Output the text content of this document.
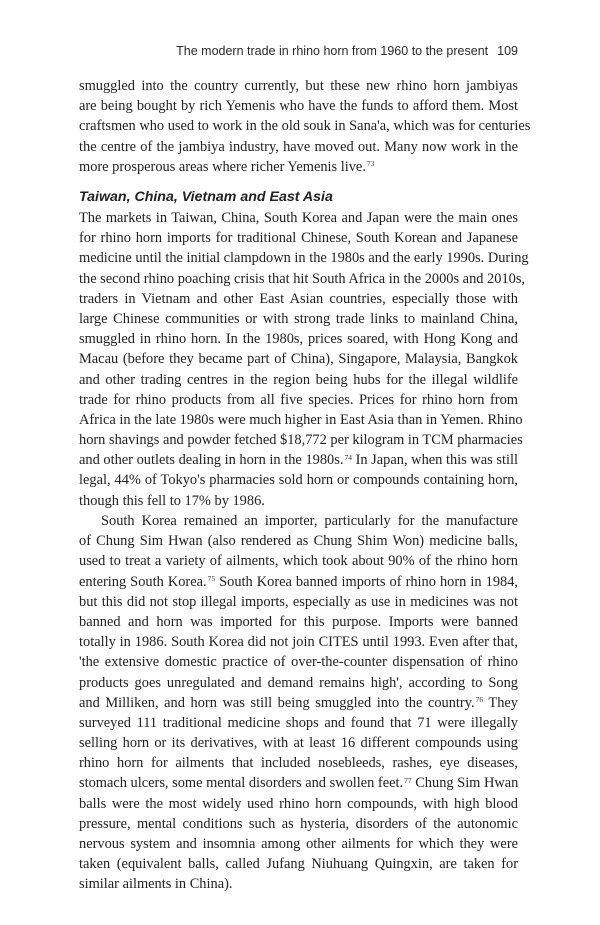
The modern trade in rhino horn from 1960 to the present 109
smuggled into the country currently, but these new rhino horn jambiyas
are being bought by rich Yemenis who have the funds to afford them. Most
craftsmen who used to work in the old souk in Sana'a, which was for centuries
the centre of the jambiya industry, have moved out. Many now work in the
more prosperous areas where richer Yemenis live.$^{73}$
Taiwan, China, Vietnam and East Asia
The markets in Taiwan, China, South Korea and Japan were the main ones
for rhino horn imports for traditional Chinese, South Korean and Japanese
medicine until the initial clampdown in the 1980s and the early 1990s. During
the second rhino poaching crisis that hit South Africa in the 2000s and 2010s,
traders in Vietnam and other East Asian countries, especially those with
large Chinese communities or with strong trade links to mainland China,
smuggled in rhino horn. In the 1980s, prices soared, with Hong Kong and
Macau (before they became part of China), Singapore, Malaysia, Bangkok
and other trading centres in the region being hubs for the illegal wildlife
trade for rhino products from all five species. Prices for rhino horn from
Africa in the late 1980s were much higher in East Asia than in Yemen. Rhino
horn shavings and powder fetched $18,772 per kilogram in TCM pharmacies
and other outlets dealing in horn in the 1980s.$^{74}$ In Japan, when this was still
legal, 44% of Tokyo's pharmacies sold horn or compounds containing horn,
though this fell to 17% by 1986.
South Korea remained an importer, particularly for the manufacture
of Chung Sim Hwan (also rendered as Chung Shim Won) medicine balls,
used to treat a variety of ailments, which took about 90% of the rhino horn
entering South Korea.$^{75}$ South Korea banned imports of rhino horn in 1984,
but this did not stop illegal imports, especially as use in medicines was not
banned and horn was imported for this purpose. Imports were banned
totally in 1986. South Korea did not join CITES until 1993. Even after that,
'the extensive domestic practice of over-the-counter dispensation of rhino
products goes unregulated and demand remains high', according to Song
and Milliken, and horn was still being smuggled into the country.$^{76}$ They
surveyed 111 traditional medicine shops and found that 71 were illegally
selling horn or its derivatives, with at least 16 different compounds using
rhino horn for ailments that included nosebleeds, rashes, eye diseases,
stomach ulcers, some mental disorders and swollen feet.$^{77}$ Chung Sim Hwan
balls were the most widely used rhino horn compounds, with high blood
pressure, mental conditions such as hysteria, disorders of the autonomic
nervous system and insomnia among other ailments for which they were
taken (equivalent balls, called Jufang Niuhuang Quingxin, are taken for
similar ailments in China).
